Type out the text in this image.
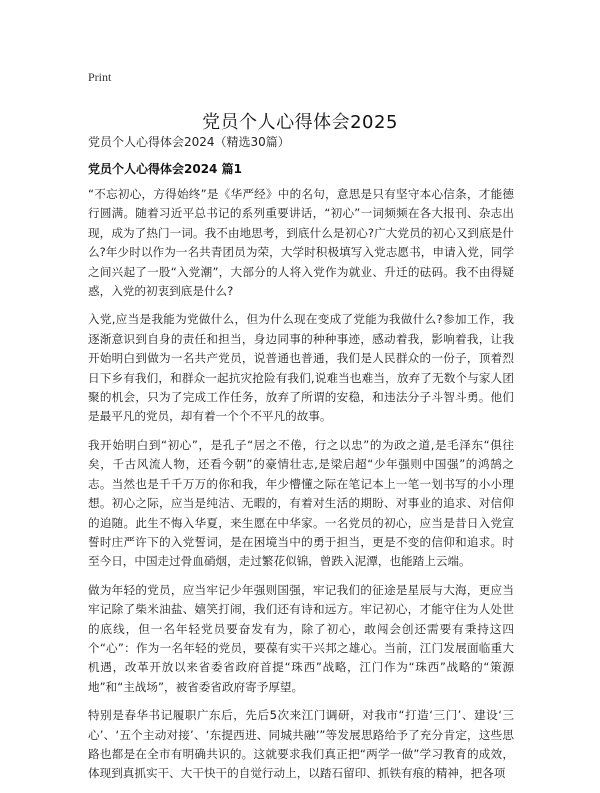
Print
党员个人心得体会2025
党员个人心得体会2024（精选30篇）
党员个人心得体会2024 篇1

“不忘初心，方得始终”是《华严经》中的名句，意思是只有坚守本心信条，才能德行圆满。随着习近平总书记的系列重要讲话，“初心”一词频频在各大报刊、杂志出现，成为了热门一词。我不由地思考，到底什么是初心?广大党员的初心又到底是什么?年少时以作为一名共青团员为荣，大学时积极填写入党志愿书，申请入党，同学之间兴起了一股“入党潮”，大部分的人将入党作为就业、升迁的砝码。我不由得疑惑，入党的初衷到底是什么?

入党,应当是我能为党做什么，但为什么现在变成了党能为我做什么?参加工作，我逐渐意识到自身的责任和担当，身边同事的种种事迹，感动着我，影响着我，让我开始明白到做为一名共产党员，说普通也普通，我们是人民群众的一份子，顶着烈日下乡有我们，和群众一起抗灾抢险有我们,说难当也难当，放弃了无数个与家人团聚的机会，只为了完成工作任务，放弃了所谓的安稳，和违法分子斗智斗勇。他们是最平凡的党员，却有着一个个不平凡的故事。

我开始明白到“初心”，是孔子“居之不倦，行之以忠”的为政之道,是毛泽东“俱往矣，千古风流人物，还看今朝”的豪情壮志,是梁启超“少年强则中国强”的鸿鹄之志。当然也是千千万万的你和我，年少懵懂之际在笔记本上一笔一划书写的小小理想。初心之际，应当是纯洁、无暇的，有着对生活的期盼、对事业的追求、对信仰的追随。此生不悔入华夏，来生愿在中华家。一名党员的初心，应当是昔日入党宣誓时庄严许下的入党誓词，是在困境当中的勇于担当，更是不变的信仰和追求。时至今日，中国走过骨血硝烟，走过繁花似锦，曾跌入泥潭，也能踏上云端。

做为年轻的党员，应当牢记少年强则国强，牢记我们的征途是星辰与大海，更应当牢记除了柴米油盐、嬉笑打闹，我们还有诗和远方。牢记初心，才能守住为人处世的底线，但一名年轻党员要奋发有为，除了初心，敢闯会创还需要有秉持这四个“心”：作为一名年轻的党员，要葆有实干兴邦之雄心。当前，江门发展面临重大机遇，改革开放以来省委省政府首提“珠西”战略，江门作为“珠西”战略的“策源地”和“主战场”，被省委省政府寄予厚望。

特别是春华书记履职广东后，先后5次来江门调研，对我市“打造‘三门’、建设‘三心’、‘五个主动对接’、‘东提西进、同城共融’”等发展思路给予了充分肯定，这些思路也都是在全市有明确共识的。这就要求我们真正把“两学一做”学习教育的成效，体现到真抓实干、大干快干的自觉行动上，以踏石留印、抓铁有痕的精神，把各项
